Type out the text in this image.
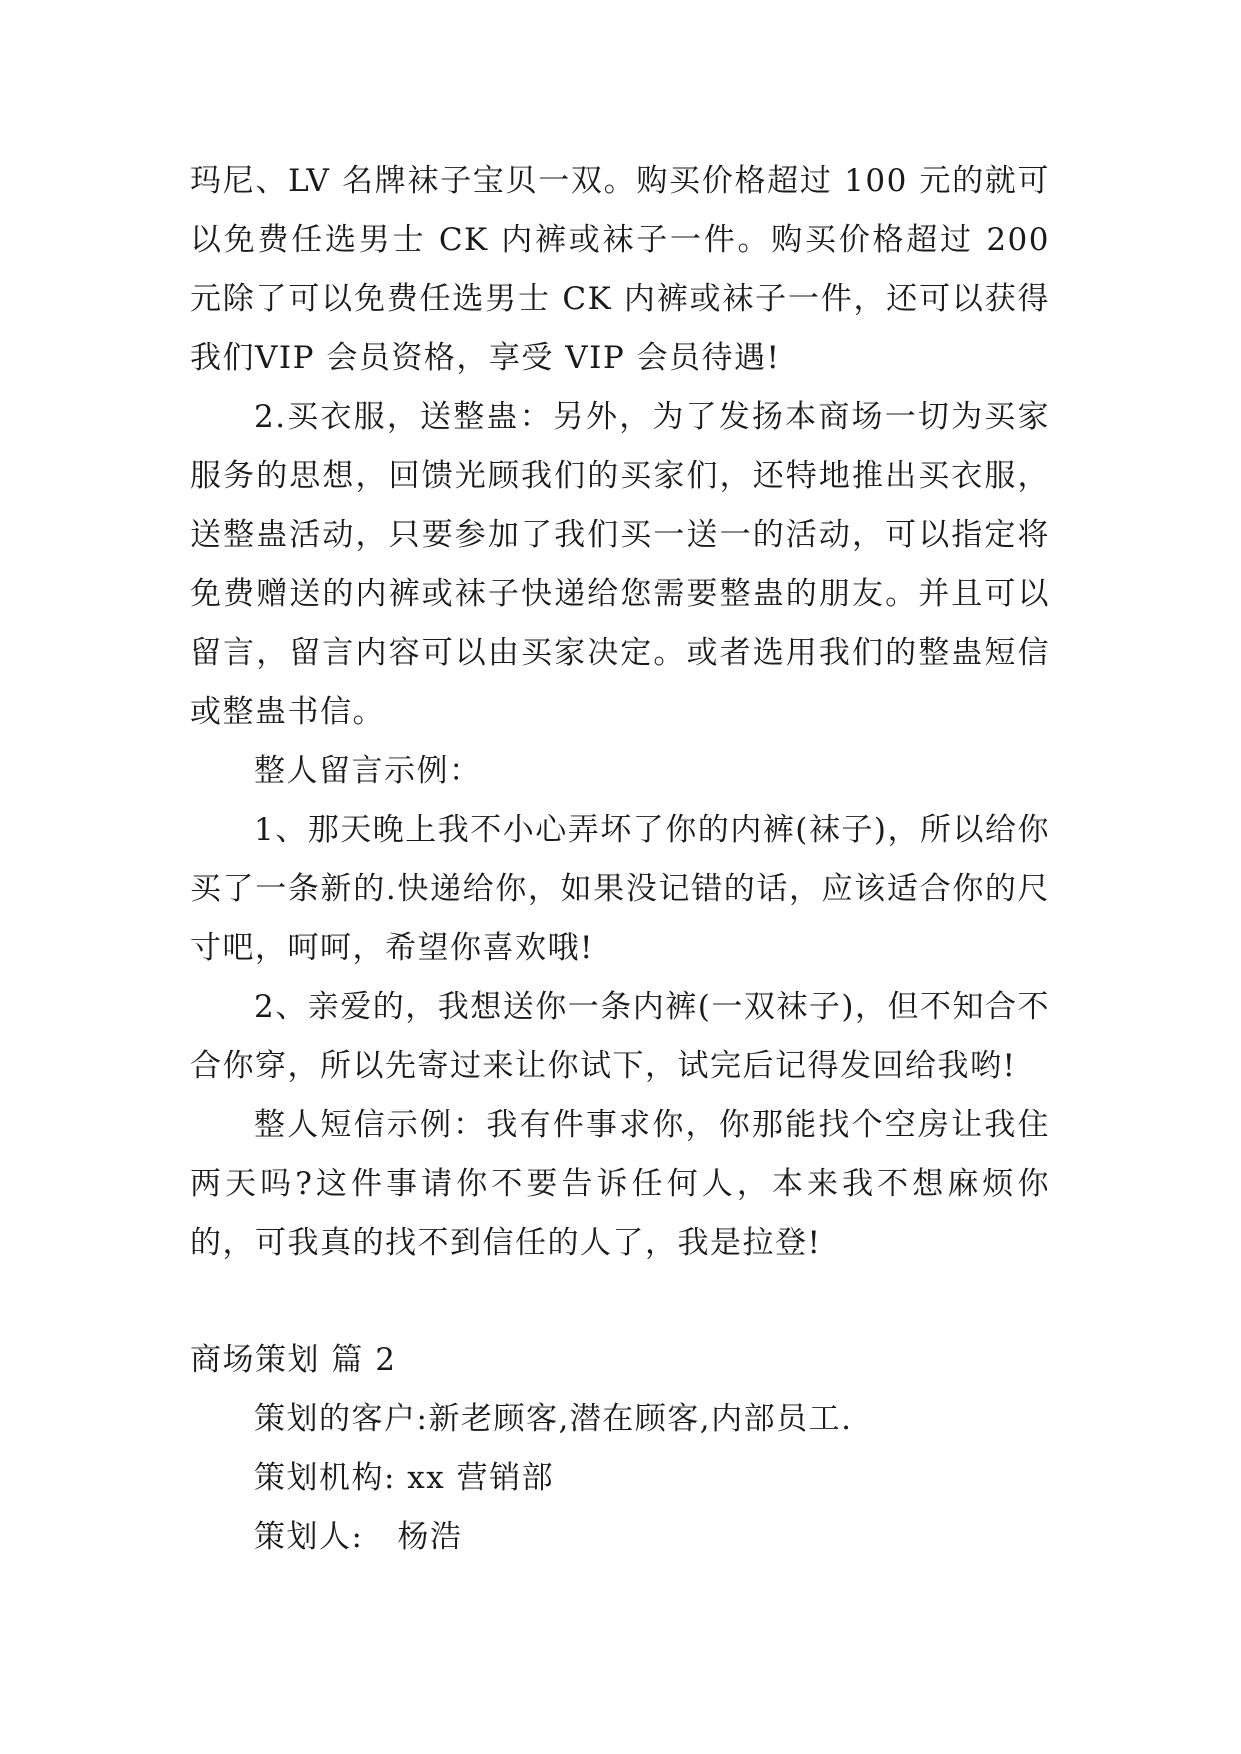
玛尼、LV 名牌袜子宝贝一双。购买价格超过 100 元的就可以免费任选男士 CK 内裤或袜子一件。购买价格超过 200 元除了可以免费任选男士 CK 内裤或袜子一件，还可以获得我们VIP 会员资格，享受 VIP 会员待遇!

2.买衣服，送整蛊：另外，为了发扬本商场一切为买家服务的思想，回馈光顾我们的买家们，还特地推出买衣服，送整蛊活动，只要参加了我们买一送一的活动，可以指定将免费赠送的内裤或袜子快递给您需要整蛊的朋友。并且可以留言，留言内容可以由买家决定。或者选用我们的整蛊短信或整蛊书信。

整人留言示例：

1、那天晚上我不小心弄坏了你的内裤(袜子)，所以给你买了一条新的.快递给你，如果没记错的话，应该适合你的尺寸吧，呵呵，希望你喜欢哦!

2、亲爱的，我想送你一条内裤(一双袜子)，但不知合不合你穿，所以先寄过来让你试下，试完后记得发回给我哟!

整人短信示例：我有件事求你，你那能找个空房让我住两天吗?这件事请你不要告诉任何人，本来我不想麻烦你的，可我真的找不到信任的人了，我是拉登!

商场策划 篇 2

策划的客户:新老顾客,潜在顾客,内部员工.

策划机构: xx 营销部

策划人:   杨浩
